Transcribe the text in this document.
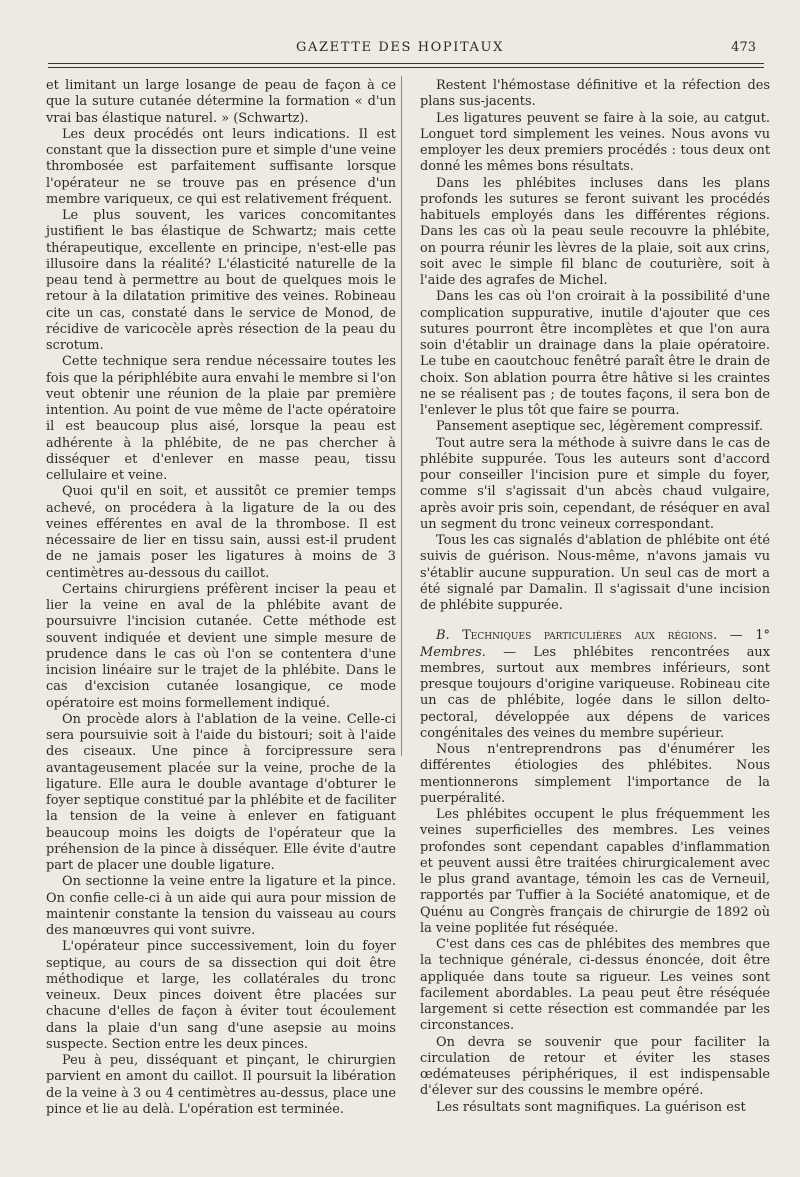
GAZETTE DES HOPITAUX	473

et limitant un large losange de peau de façon à ce que la suture cutanée détermine la formation « d'un vrai bas élastique naturel. » (Schwartz).

Les deux procédés ont leurs indications. Il est constant que la dissection pure et simple d'une veine thrombosée est parfaitement suffisante lorsque l'opérateur ne se trouve pas en présence d'un membre variqueux, ce qui est relativement fréquent.

Le plus souvent, les varices concomitantes justifient le bas élastique de Schwartz; mais cette thérapeutique, excellente en principe, n'est-elle pas illusoire dans la réalité? L'élasticité naturelle de la peau tend à permettre au bout de quelques mois le retour à la dilatation primitive des veines. Robineau cite un cas, constaté dans le service de Monod, de récidive de varicocèle après résection de la peau du scrotum.

Cette technique sera rendue nécessaire toutes les fois que la périphlébite aura envahi le membre si l'on veut obtenir une réunion de la plaie par première intention. Au point de vue même de l'acte opératoire il est beaucoup plus aisé, lorsque la peau est adhérente à la phlébite, de ne pas chercher à disséquer et d'enlever en masse peau, tissu cellulaire et veine.

Quoi qu'il en soit, et aussitôt ce premier temps achevé, on procédera à la ligature de la ou des veines efférentes en aval de la thrombose. Il est nécessaire de lier en tissu sain, aussi est-il prudent de ne jamais poser les ligatures à moins de 3 centimètres au-dessous du caillot.

Certains chirurgiens préfèrent inciser la peau et lier la veine en aval de la phlébite avant de poursuivre l'incision cutanée. Cette méthode est souvent indiquée et devient une simple mesure de prudence dans le cas où l'on se contentera d'une incision linéaire sur le trajet de la phlébite. Dans le cas d'excision cutanée losangique, ce mode opératoire est moins formellement indiqué.

On procède alors à l'ablation de la veine. Celle-ci sera poursuivie soit à l'aide du bistouri; soit à l'aide des ciseaux. Une pince à forcipressure sera avantageusement placée sur la veine, proche de la ligature. Elle aura le double avantage d'obturer le foyer septique constitué par la phlébite et de faciliter la tension de la veine à enlever en fatiguant beaucoup moins les doigts de l'opérateur que la préhension de la pince à disséquer. Elle évite d'autre part de placer une double ligature.

On sectionne la veine entre la ligature et la pince. On confie celle-ci à un aide qui aura pour mission de maintenir constante la tension du vaisseau au cours des manœuvres qui vont suivre.

L'opérateur pince successivement, loin du foyer septique, au cours de sa dissection qui doit être méthodique et large, les collatérales du tronc veineux. Deux pinces doivent être placées sur chacune d'elles de façon à éviter tout écoulement dans la plaie d'un sang d'une asepsie au moins suspecte. Section entre les deux pinces.

Peu à peu, disséquant et pinçant, le chirurgien parvient en amont du caillot. Il poursuit la libération de la veine à 3 ou 4 centimètres au-dessus, place une pince et lie au delà. L'opération est terminée.

Restent l'hémostase définitive et la réfection des plans sus-jacents.

Les ligatures peuvent se faire à la soie, au catgut. Longuet tord simplement les veines. Nous avons vu employer les deux premiers procédés : tous deux ont donné les mêmes bons résultats.

Dans les phlébites incluses dans les plans profonds les sutures se feront suivant les procédés habituels employés dans les différentes régions. Dans les cas où la peau seule recouvre la phlébite, on pourra réunir les lèvres de la plaie, soit aux crins, soit avec le simple fil blanc de couturière, soit à l'aide des agrafes de Michel.

Dans les cas où l'on croirait à la possibilité d'une complication suppurative, inutile d'ajouter que ces sutures pourront être incomplètes et que l'on aura soin d'établir un drainage dans la plaie opératoire. Le tube en caoutchouc fenêtré paraît être le drain de choix. Son ablation pourra être hâtive si les craintes ne se réalisent pas ; de toutes façons, il sera bon de l'enlever le plus tôt que faire se pourra.

Pansement aseptique sec, légèrement compressif.

Tout autre sera la méthode à suivre dans le cas de phlébite suppurée. Tous les auteurs sont d'accord pour conseiller l'incision pure et simple du foyer, comme s'il s'agissait d'un abcès chaud vulgaire, après avoir pris soin, cependant, de réséquer en aval un segment du tronc veineux correspondant.

Tous les cas signalés d'ablation de phlébite ont été suivis de guérison. Nous-même, n'avons jamais vu s'établir aucune suppuration. Un seul cas de mort a été signalé par Damalin. Il s'agissait d'une incision de phlébite suppurée.

B. Techniques particulières aux régions. — 1° Membres. — Les phlébites rencontrées aux membres, surtout aux membres inférieurs, sont presque toujours d'origine variqueuse. Robineau cite un cas de phlébite, logée dans le sillon delto-pectoral, développée aux dépens de varices congénitales des veines du membre supérieur.

Nous n'entreprendrons pas d'énumérer les différentes étiologies des phlébites. Nous mentionnerons simplement l'importance de la puerpéralité.

Les phlébites occupent le plus fréquemment les veines superficielles des membres. Les veines profondes sont cependant capables d'inflammation et peuvent aussi être traitées chirurgicalement avec le plus grand avantage, témoin les cas de Verneuil, rapportés par Tuffier à la Société anatomique, et de Quénu au Congrès français de chirurgie de 1892 où la veine poplitée fut réséquée.

C'est dans ces cas de phlébites des membres que la technique générale, ci-dessus énoncée, doit être appliquée dans toute sa rigueur. Les veines sont facilement abordables. La peau peut être réséquée largement si cette résection est commandée par les circonstances.

On devra se souvenir que pour faciliter la circulation de retour et éviter les stases œdémateuses périphériques, il est indispensable d'élever sur des coussins le membre opéré.

Les résultats sont magnifiques. La guérison est
